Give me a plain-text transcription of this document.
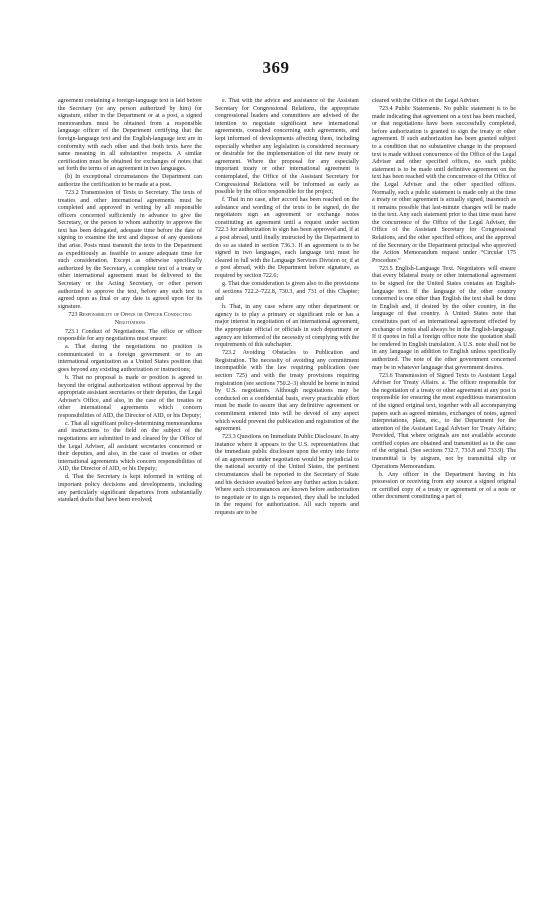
369

agreement containing a foreign-language text is laid before the Secretary (or any person authorized by him) for signature, either in the Department or at a post, a signed memorandum must be obtained from a responsible language officer of the Department certifying that the foreign-language text and the English-language text are in conformity with each other and that both texts have the same meaning in all substantive respects. A similar certification must be obtained for exchanges of notes that set forth the terms of an agreement in two languages.

(b) In exceptional circumstances the Department can authorize the certification to be made at a post.

723.2 Transmission of Texts to Secretary. The texts of treaties and other international agreements must be completed and approved in writing by all responsible officers concerned sufficiently in advance to give the Secretary, or the person to whom authority to approve the text has been delegated, adequate time before the date of signing to examine the text and dispose of any questions that arise. Posts must transmit the texts to the Department as expeditiously as feasible to assure adequate time for such consideration. Except as otherwise specifically authorized by the Secretary, a complete text of a treaty or other international agreement must be delivered to the Secretary or the Acting Secretary, or other person authorized to approve the text, before any such text is agreed upon as final or any date is agreed upon for its signature.

723 Responsibility of Office or Officer Conducting Negotiations

723.1 Conduct of Negotiations. The office or officer responsible for any negotiations must ensure:

a. That during the negotiations no position is communicated to a foreign government or to an international organization as a United States position that goes beyond any existing authorization or instructions;

b. That no proposal is made or position is agreed to beyond the original authorization without approval by the appropriate assistant secretaries or their deputies, the Legal Adviser's Office, and also, in the case of the treaties or other international agreements which concern responsibilities of AID, the Director of AID, or his Deputy;

c. That all significant policy-determining memorandums and instructions to the field on the subject of the negotiations are submitted to and cleared by the Office of the Legal Adviser, all assistant secretaries concerned or their deputies, and also, in the case of treaties or other international agreements which concern responsibilities of AID, the Director of AID, or his Deputy;

d. That the Secretary is kept informed in writing of important policy decisions and developments, including any particularly significant departures from substantially standard drafts that have been evolved;

e. That with the advice and assistance of the Assistant Secretary for Congressional Relations, the appropriate congressional leaders and committees are advised of the intention to negotiate significant new international agreements, consulted concerning such agreements, and kept informed of developments affecting them, including especially whether any legislation is considered necessary or desirable for the implementation of the new treaty or agreement. Where the proposal for any especially important treaty or other international agreement is contemplated, the Office of the Assistant Secretary for Congressional Relations will be informed as early as possible by the office responsible for the project;

f. That in no case, after accord has been reached on the substance and wording of the texts to be signed, do the negotiators sign an agreement or exchange notes constituting an agreement until a request under section 722.3 for authorization to sign has been approved and, if at a post abroad, until finally instructed by the Department to do so as stated in section 736.3. If an agreement is to be signed in two languages, each language text must be cleared in full with the Language Services Division or, if at a post abroad, with the Department before signature, as required by section 722.6;

g. That due consideration is given also to the provisions of sections 722.2–722.8, 730.3, and 731 of this Chapter; and

h. That, in any case where any other department or agency is to play a primary or significant role or has a major interest in negotiation of an international agreement, the appropriate official or officials in such department or agency are informed of the necessity of complying with the requirements of this subchapter.

723.2 Avoiding Obstacles to Publication and Registration. The necessity of avoiding any commitment incompatible with the law requiring publication (see section 725) and with the treaty provisions requiring registration (see sections 750.2–3) should be borne in mind by U.S. negotiators. Although negotiations may be conducted on a confidential basis, every practicable effort must be made to assure that any definitive agreement or commitment entered into will be devoid of any aspect which would prevent the publication and registration of the agreement.

723.3 Questions on Immediate Public Disclosure. In any instance where it appears to the U.S. representatives that the immediate public disclosure upon the entry into force of an agreement under negotiation would be prejudicial to the national security of the United States, the pertinent circumstances shall be reported to the Secretary of State and his decision awaited before any further action is taken. Where such circumstances are known before authorization to negotiate or to sign is requested, they shall be included in the request for authorization. All such reports and requests are to be

cleared with the Office of the Legal Adviser.

723.4 Public Statements. No public statement is to be made indicating that agreement on a text has been reached, or that negotiations have been successfully completed, before authorization is granted to sign the treaty or other agreement. If such authorization has been granted subject to a condition that no substantive change in the proposed text is made without concurrence of the Office of the Legal Adviser and other specified offices, no such public statement is to be made until definitive agreement on the text has been reached with the concurrence of the Office of the Legal Adviser and the other specified offices. Normally, such a public statement is made only at the time a treaty or other agreement is actually signed, inasmuch as it remains possible that last-minute changes will be made in the text. Any such statement prior to that time must have the concurrence of the Office of the Legal Adviser, the Office of the Assistant Secretary for Congressional Relations, and the other specified offices, and the approval of the Secretary or the Department principal who approved the Action Memorandum request under “Circular 175 Procedure.”

723.5 English-Language Text. Negotiators will ensure that every bilateral treaty or other international agreement to be signed for the United States contains an English-language text. If the language of the other country concerned is one other than English the text shall be done in English and, if desired by the other country, in the language of that country. A United States note that constitutes part of an international agreement effected by exchange of notes shall always be in the English-language. If it quotes in full a foreign office note the quotation shall be rendered in English translation. A U.S. note shall not be in any language in addition to English unless specifically authorized. The note of the other government concerned may be in whatever language that government desires.

723.6 Transmission of Signed Texts to Assistant Legal Adviser for Treaty Affairs. a. The officer responsible for the negotiation of a treaty or other agreement at any post is responsible for ensuring the most expeditious transmission of the signed original text, together with all accompanying papers such as agreed minutes, exchanges of notes, agreed interpretations, plans, etc., to the Department for the attention of the Assistant Legal Adviser for Treaty Affairs; Provided, That where originals are not available accurate certified copies are obtained and transmitted as in the case of the original. (See sections 732.7, 733.8 and 733.9). The transmittal is by airgram, not by transmittal slip or Operations Memorandum.

b. Any officer in the Department having in his possession or receiving from any source a signed original or certified copy of a treaty or agreement or of a note or other document constituting a part of
